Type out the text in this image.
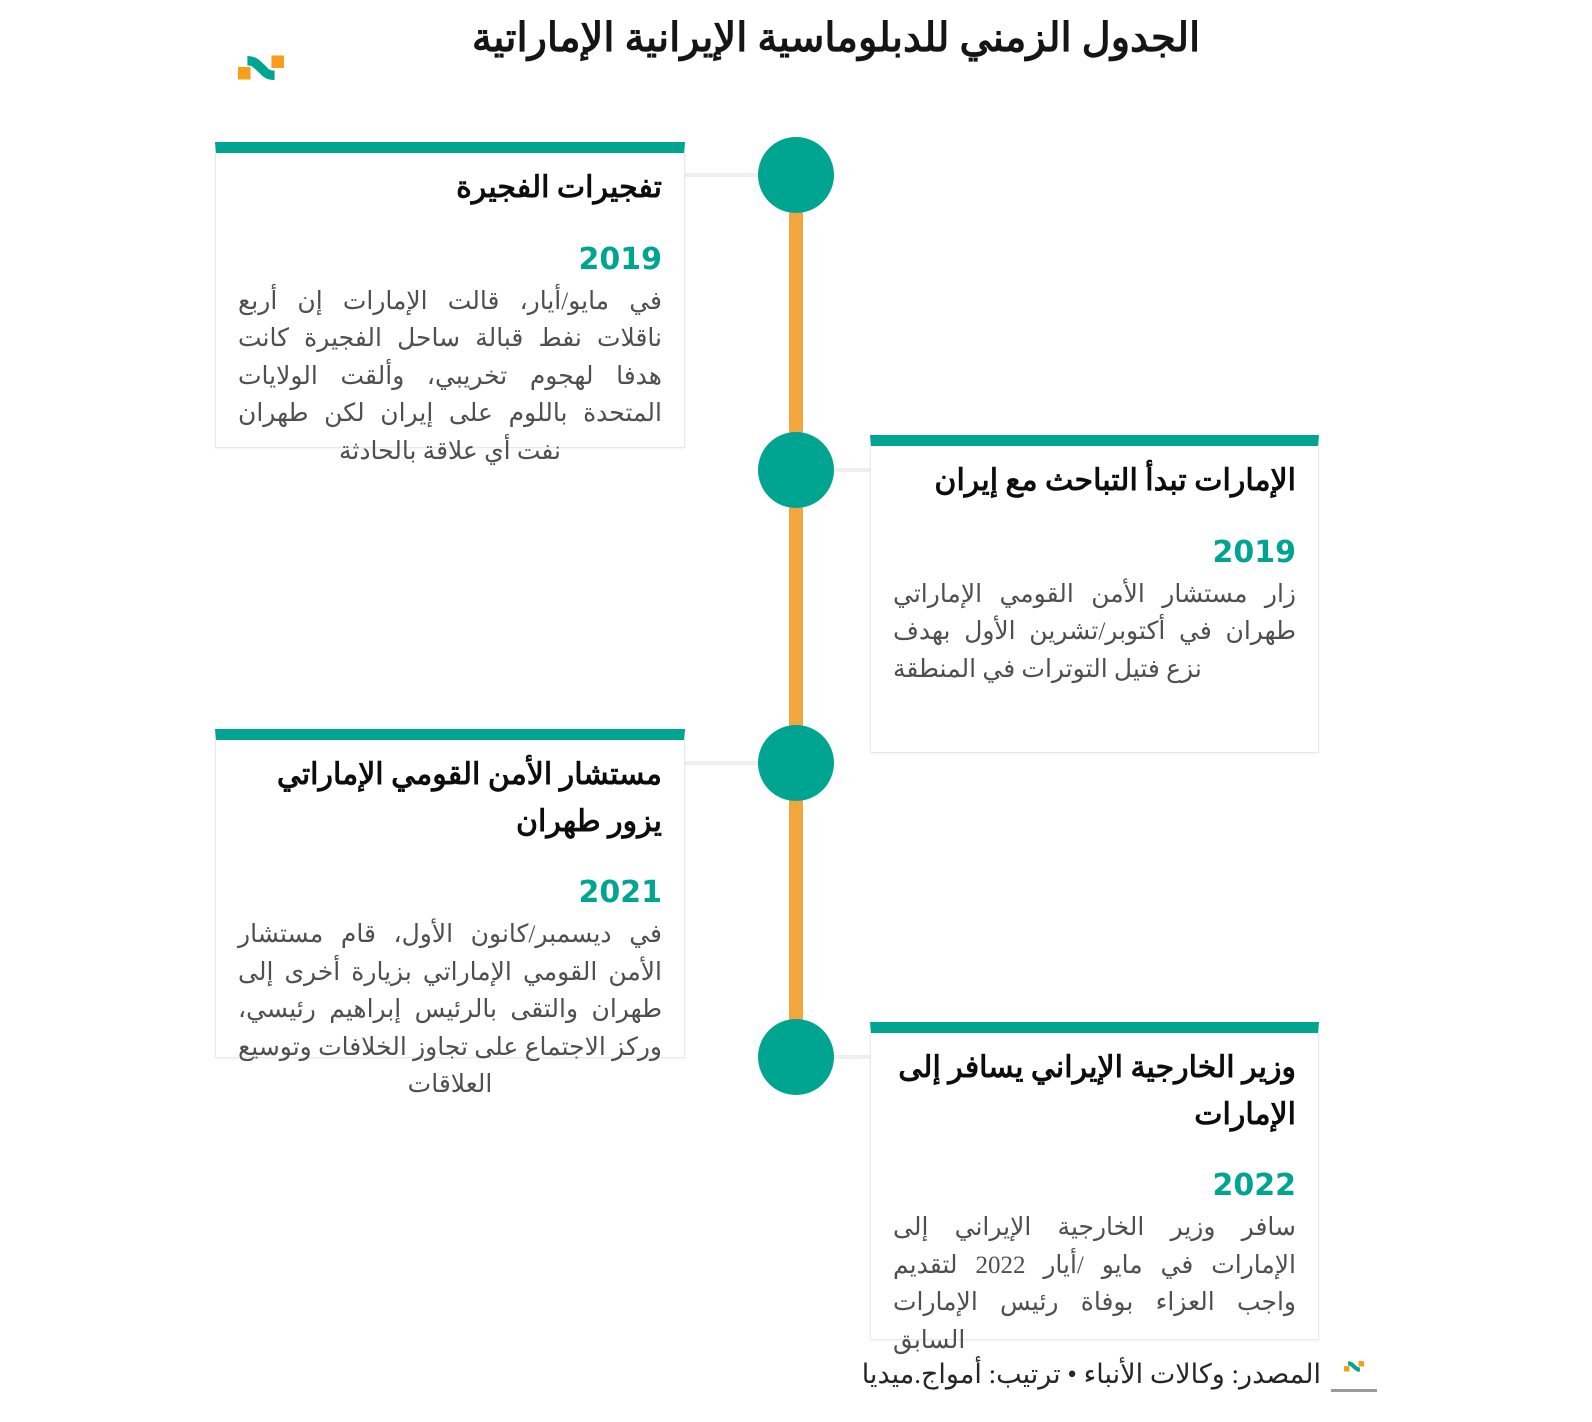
الجدول الزمني للدبلوماسية الإيرانية الإماراتية
تفجيرات الفجيرة
2019
في مايو/أيار، قالت الإمارات إن أربع ناقلات نفط قبالة ساحل الفجيرة كانت هدفا لهجوم تخريبي، وألقت الولايات المتحدة باللوم على إيران لكن طهران نفت أي علاقة بالحادثة
الإمارات تبدأ التباحث مع إيران
2019
زار مستشار الأمن القومي الإماراتي طهران في أكتوبر/تشرين الأول بهدف نزع فتيل التوترات في المنطقة
مستشار الأمن القومي الإماراتي يزور طهران
2021
في ديسمبر/كانون الأول، قام مستشار الأمن القومي الإماراتي بزيارة أخرى إلى طهران والتقى بالرئيس إبراهيم رئيسي، وركز الاجتماع على تجاوز الخلافات وتوسيع العلاقات
وزير الخارجية الإيراني يسافر إلى الإمارات
2022
سافر وزير الخارجية الإيراني إلى الإمارات في مايو /أيار 2022 لتقديم واجب العزاء بوفاة رئيس الإمارات السابق
المصدر: وكالات الأنباء • ترتيب: أمواج.ميديا
